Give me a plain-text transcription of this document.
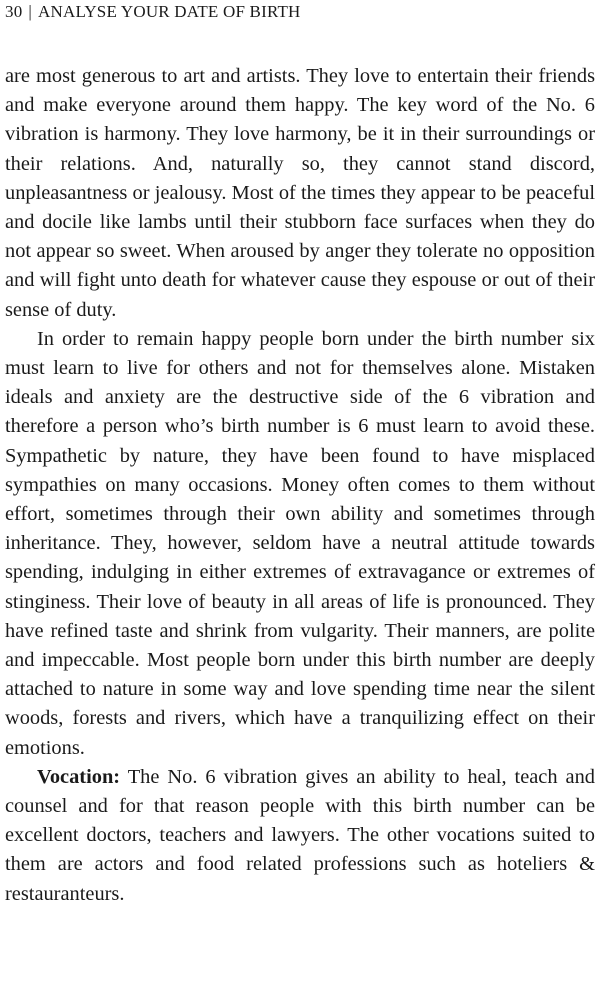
30 | ANALYSE YOUR DATE OF BIRTH

are most generous to art and artists. They love to entertain their friends and make everyone around them happy. The key word of the No. 6 vibration is harmony. They love harmony, be it in their surroundings or their relations. And, naturally so, they cannot stand discord, unpleasantness or jealousy. Most of the times they appear to be peaceful and docile like lambs until their stubborn face surfaces when they do not appear so sweet. When aroused by anger they tolerate no opposition and will fight unto death for whatever cause they espouse or out of their sense of duty.

In order to remain happy people born under the birth number six must learn to live for others and not for themselves alone. Mistaken ideals and anxiety are the destructive side of the 6 vibration and therefore a person who’s birth number is 6 must learn to avoid these. Sympathetic by nature, they have been found to have misplaced sympathies on many occasions. Money often comes to them without effort, sometimes through their own ability and sometimes through inheritance. They, however, seldom have a neutral attitude towards spending, indulging in either extremes of extravagance or extremes of stinginess. Their love of beauty in all areas of life is pronounced. They have refined taste and shrink from vulgarity. Their manners, are polite and impeccable. Most people born under this birth number are deeply attached to nature in some way and love spending time near the silent woods, forests and rivers, which have a tranquilizing effect on their emotions.

Vocation: The No. 6 vibration gives an ability to heal, teach and counsel and for that reason people with this birth number can be excellent doctors, teachers and lawyers. The other vocations suited to them are actors and food related professions such as hoteliers & restauranteurs.
